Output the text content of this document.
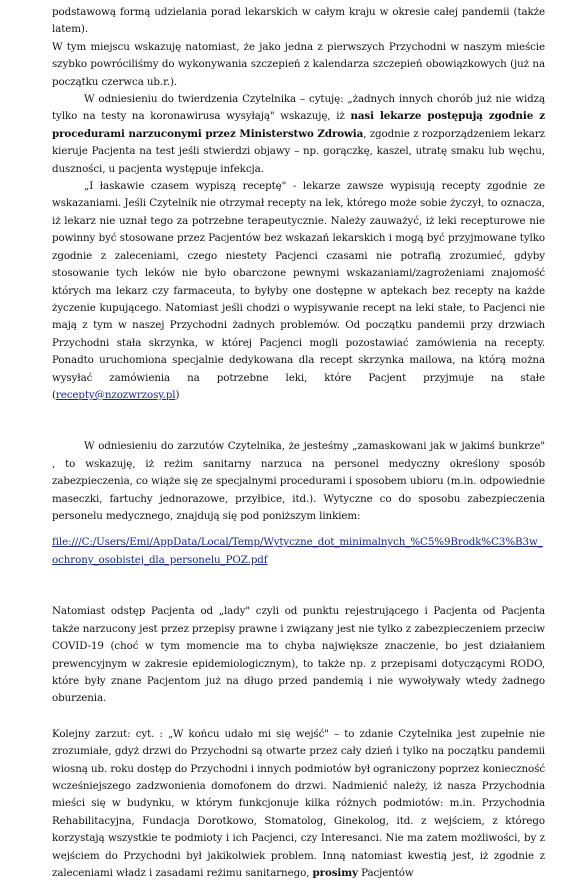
podstawową formą udzielania porad lekarskich w całym kraju w okresie całej pandemii (także latem).

W tym miejscu wskazuję natomiast, że jako jedna z pierwszych Przychodni w naszym mieście szybko powróciliśmy do wykonywania szczepień z kalendarza szczepień obowiązkowych (już na początku czerwca ub.r.).

W odniesieniu do twierdzenia Czytelnika – cytuję: „żadnych innych chorób już nie widzą tylko na testy na koronawirusa wysyłają" wskazuję, iż nasi lekarze postępują zgodnie z procedurami narzuconymi przez Ministerstwo Zdrowia, zgodnie z rozporządzeniem lekarz kieruje Pacjenta na test jeśli stwierdzi objawy – np. gorączkę, kaszel, utratę smaku lub węchu, duszności, u pacjenta występuje infekcja.

„I łaskawie czasem wypiszą receptę" - lekarze zawsze wypisują recepty zgodnie ze wskazaniami. Jeśli Czytelnik nie otrzymał recepty na lek, którego może sobie życzył, to oznacza, iż lekarz nie uznał tego za potrzebne terapeutycznie. Należy zauważyć, iż leki recepturowe nie powinny być stosowane przez Pacjentów bez wskazań lekarskich i mogą być przyjmowane tylko zgodnie z zaleceniami, czego niestety Pacjenci czasami nie potrafią zrozumieć, gdyby stosowanie tych leków nie było obarczone pewnymi wskazaniami/zagrożeniami znajomość których ma lekarz czy farmaceuta, to byłyby one dostępne w aptekach bez recepty na każde życzenie kupującego. Natomiast jeśli chodzi o wypisywanie recept na leki stałe, to Pacjenci nie mają z tym w naszej Przychodni żadnych problemów. Od początku pandemii przy drzwiach Przychodni stała skrzynka, w której Pacjenci mogli pozostawiać zamówienia na recepty. Ponadto uruchomiona specjalnie dedykowana dla recept skrzynka mailowa, na którą można wysyłać zamówienia na potrzebne leki, które Pacjent przyjmuje na stałe (recepty@nzozwrzosy.pl)

W odniesieniu do zarzutów Czytelnika, że jesteśmy „zamaskowani jak w jakimś bunkrze" , to wskazuję, iż reżim sanitarny narzuca na personel medyczny określony sposób zabezpieczenia, co wiąże się ze specjalnymi procedurami i sposobem ubioru (m.in. odpowiednie maseczki, fartuchy jednorazowe, przyłbice, itd.). Wytyczne co do sposobu zabezpieczenia personelu medycznego, znajdują się pod poniższym linkiem:

file:///C:/Users/Emi/AppData/Local/Temp/Wytyczne_dot_minimalnych_%C5%9Brodk%C3%B3w_ochrony_osobistej_dla_personelu_POZ.pdf

Natomiast odstęp Pacjenta od „lady" czyli od punktu rejestrującego i Pacjenta od Pacjenta także narzucony jest przez przepisy prawne i związany jest nie tylko z zabezpieczeniem przeciw COVID-19 (choć w tym momencie ma to chyba największe znaczenie, bo jest działaniem prewencyjnym w zakresie epidemiologicznym), to także np. z przepisami dotyczącymi RODO, które były znane Pacjentom już na długo przed pandemią i nie wywoływały wtedy żadnego oburzenia.

Kolejny zarzut: cyt. : „W końcu udało mi się wejść" – to zdanie Czytelnika jest zupełnie nie zrozumiałe, gdyż drzwi do Przychodni są otwarte przez cały dzień i tylko na początku pandemii wiosną ub. roku dostęp do Przychodni i innych podmiotów był ograniczony poprzez konieczność wcześniejszego zadzwonienia domofonem do drzwi. Nadmienić należy, iż nasza Przychodnia mieści się w budynku, w którym funkcjonuje kilka różnych podmiotów: m.in. Przychodnia Rehabilitacyjna, Fundacja Dorotkowo, Stomatolog, Ginekolog, itd. z wejściem, z którego korzystają wszystkie te podmioty i ich Pacjenci, czy Interesanci. Nie ma zatem możliwości, by z wejściem do Przychodni był jakikolwiek problem. Inną natomiast kwestią jest, iż zgodnie z zaleceniami władz i zasadami reżimu sanitarnego, prosimy Pacjentów
